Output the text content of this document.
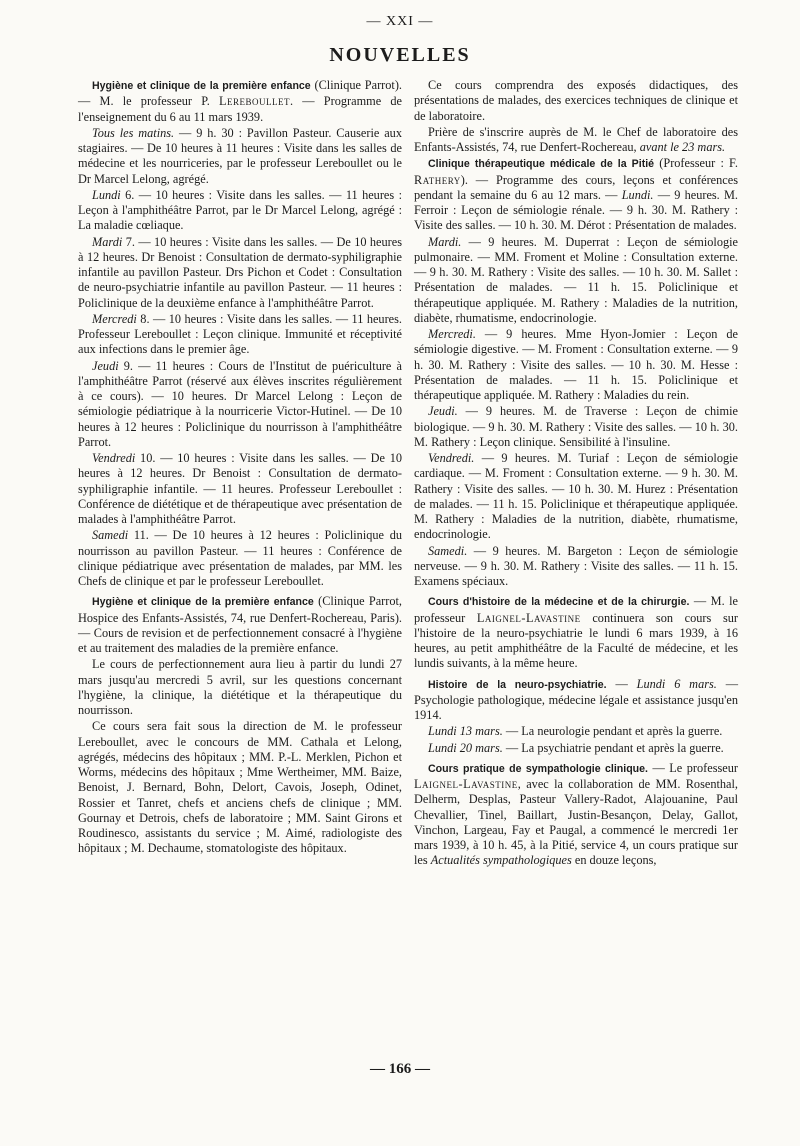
— XXI —
NOUVELLES

Hygiène et clinique de la première enfance (Clinique Parrot). — M. le professeur P. Lereboullet. — Programme de l'enseignement du 6 au 11 mars 1939.

Tous les matins. — 9 h. 30 : Pavillon Pasteur. Causerie aux stagiaires. — De 10 heures à 11 heures : Visite dans les salles de médecine et les nourriceries, par le professeur Lereboullet ou le Dr Marcel Lelong, agrégé.

Lundi 6. — 10 heures : Visite dans les salles. — 11 heures : Leçon à l'amphithéâtre Parrot, par le Dr Marcel Lelong, agrégé : La maladie cœliaque.

Mardi 7. — 10 heures : Visite dans les salles. — De 10 heures à 12 heures. Dr Benoist : Consultation de dermato-syphiligraphie infantile au pavillon Pasteur. Drs Pichon et Codet : Consultation de neuro-psychiatrie infantile au pavillon Pasteur. — 11 heures : Policlinique de la deuxième enfance à l'amphithéâtre Parrot.

Mercredi 8. — 10 heures : Visite dans les salles. — 11 heures. Professeur Lereboullet : Leçon clinique. Immunité et réceptivité aux infections dans le premier âge.

Jeudi 9. — 11 heures : Cours de l'Institut de puériculture à l'amphithéâtre Parrot (réservé aux élèves inscrites régulièrement à ce cours). — 10 heures. Dr Marcel Lelong : Leçon de sémiologie pédiatrique à la nourricerie Victor-Hutinel. — De 10 heures à 12 heures : Policlinique du nourrisson à l'amphithéâtre Parrot.

Vendredi 10. — 10 heures : Visite dans les salles. — De 10 heures à 12 heures. Dr Benoist : Consultation de dermato-syphiligraphie infantile. — 11 heures. Professeur Lereboullet : Conférence de diététique et de thérapeutique avec présentation de malades à l'amphithéâtre Parrot.

Samedi 11. — De 10 heures à 12 heures : Policlinique du nourrisson au pavillon Pasteur. — 11 heures : Conférence de clinique pédiatrique avec présentation de malades, par MM. les Chefs de clinique et par le professeur Lereboullet.

Hygiène et clinique de la première enfance (Clinique Parrot, Hospice des Enfants-Assistés, 74, rue Denfert-Rochereau, Paris). — Cours de revision et de perfectionnement consacré à l'hygiène et au traitement des maladies de la première enfance.

Le cours de perfectionnement aura lieu à partir du lundi 27 mars jusqu'au mercredi 5 avril, sur les questions concernant l'hygiène, la clinique, la diététique et la thérapeutique du nourrisson.

Ce cours sera fait sous la direction de M. le professeur Lereboullet, avec le concours de MM. Cathala et Lelong, agrégés, médecins des hôpitaux ; MM. P.-L. Merklen, Pichon et Worms, médecins des hôpitaux ; Mme Wertheimer, MM. Baize, Benoist, J. Bernard, Bohn, Delort, Cavois, Joseph, Odinet, Rossier et Tanret, chefs et anciens chefs de clinique ; MM. Gournay et Detrois, chefs de laboratoire ; MM. Saint Girons et Roudinesco, assistants du service ; M. Aimé, radiologiste des hôpitaux ; M. Dechaume, stomatologiste des hôpitaux.

Ce cours comprendra des exposés didactiques, des présentations de malades, des exercices techniques de clinique et de laboratoire.

Prière de s'inscrire auprès de M. le Chef de laboratoire des Enfants-Assistés, 74, rue Denfert-Rochereau, avant le 23 mars.

Clinique thérapeutique médicale de la Pitié (Professeur : F. Rathery). — Programme des cours, leçons et conférences pendant la semaine du 6 au 12 mars. — Lundi. — 9 heures. M. Ferroir : Leçon de sémiologie rénale. — 9 h. 30. M. Rathery : Visite des salles. — 10 h. 30. M. Dérot : Présentation de malades.

Mardi. — 9 heures. M. Duperrat : Leçon de sémiologie pulmonaire. — MM. Froment et Moline : Consultation externe. — 9 h. 30. M. Rathery : Visite des salles. — 10 h. 30. M. Sallet : Présentation de malades. — 11 h. 15. Policlinique et thérapeutique appliquée. M. Rathery : Maladies de la nutrition, diabète, rhumatisme, endocrinologie.

Mercredi. — 9 heures. Mme Hyon-Jomier : Leçon de sémiologie digestive. — M. Froment : Consultation externe. — 9 h. 30. M. Rathery : Visite des salles. — 10 h. 30. M. Hesse : Présentation de malades. — 11 h. 15. Policlinique et thérapeutique appliquée. M. Rathery : Maladies du rein.

Jeudi. — 9 heures. M. de Traverse : Leçon de chimie biologique. — 9 h. 30. M. Rathery : Visite des salles. — 10 h. 30. M. Rathery : Leçon clinique. Sensibilité à l'insuline.

Vendredi. — 9 heures. M. Turiaf : Leçon de sémiologie cardiaque. — M. Froment : Consultation externe. — 9 h. 30. M. Rathery : Visite des salles. — 10 h. 30. M. Hurez : Présentation de malades. — 11 h. 15. Policlinique et thérapeutique appliquée. M. Rathery : Maladies de la nutrition, diabète, rhumatisme, endocrinologie.

Samedi. — 9 heures. M. Bargeton : Leçon de sémiologie nerveuse. — 9 h. 30. M. Rathery : Visite des salles. — 11 h. 15. Examens spéciaux.

Cours d'histoire de la médecine et de la chirurgie. — M. le professeur Laignel-Lavastine continuera son cours sur l'histoire de la neuro-psychiatrie le lundi 6 mars 1939, à 16 heures, au petit amphithéâtre de la Faculté de médecine, et les lundis suivants, à la même heure.

Histoire de la neuro-psychiatrie. — Lundi 6 mars. — Psychologie pathologique, médecine légale et assistance jusqu'en 1914.

Lundi 13 mars. — La neurologie pendant et après la guerre.

Lundi 20 mars. — La psychiatrie pendant et après la guerre.

Cours pratique de sympathologie clinique. — Le professeur Laignel-Lavastine, avec la collaboration de MM. Rosenthal, Delherm, Desplas, Pasteur Vallery-Radot, Alajouanine, Paul Chevallier, Tinel, Baillart, Justin-Besançon, Delay, Gallot, Vinchon, Largeau, Fay et Paugal, a commencé le mercredi 1er mars 1939, à 10 h. 45, à la Pitié, service 4, un cours pratique sur les Actualités sympathologiques en douze leçons,

— 166 —
